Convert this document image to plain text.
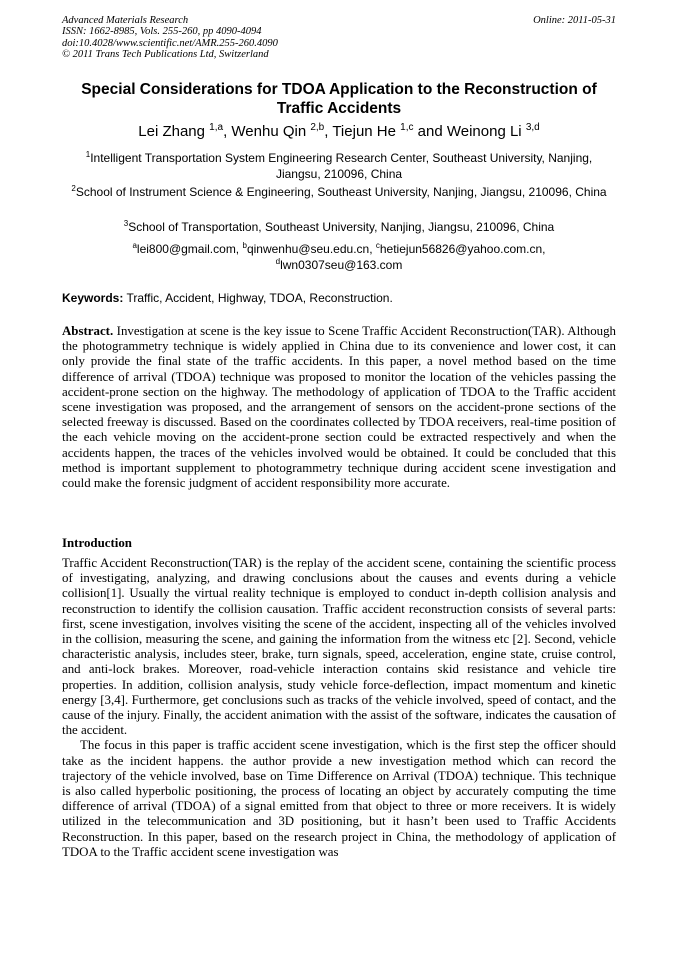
Advanced Materials Research
ISSN: 1662-8985, Vols. 255-260, pp 4090-4094
doi:10.4028/www.scientific.net/AMR.255-260.4090
© 2011 Trans Tech Publications Ltd, Switzerland
Online: 2011-05-31
Special Considerations for TDOA Application to the Reconstruction of Traffic Accidents
Lei Zhang $^{1,a}$, Wenhu Qin $^{2,b}$, Tiejun He $^{1,c}$ and Weinong Li $^{3,d}$
$^1$Intelligent Transportation System Engineering Research Center, Southeast University, Nanjing, Jiangsu, 210096, China
$^2$School of Instrument Science & Engineering, Southeast University, Nanjing, Jiangsu, 210096, China
$^3$School of Transportation, Southeast University, Nanjing, Jiangsu, 210096, China
$^a$lei800@gmail.com, $^b$qinwenhu@seu.edu.cn, $^c$hetiejun56826@yahoo.com.cn,
$^d$lwn0307seu@163.com
Keywords: Traffic, Accident, Highway, TDOA, Reconstruction.
Abstract. Investigation at scene is the key issue to Scene Traffic Accident Reconstruction(TAR). Although the photogrammetry technique is widely applied in China due to its convenience and lower cost, it can only provide the final state of the traffic accidents. In this paper, a novel method based on the time difference of arrival (TDOA) technique was proposed to monitor the location of the vehicles passing the accident-prone section on the highway. The methodology of application of TDOA to the Traffic accident scene investigation was proposed, and the arrangement of sensors on the accident-prone sections of the selected freeway is discussed. Based on the coordinates collected by TDOA receivers, real-time position of the each vehicle moving on the accident-prone section could be extracted respectively and when the accidents happen, the traces of the vehicles involved would be obtained. It could be concluded that this method is important supplement to photogrammetry technique during accident scene investigation and could make the forensic judgment of accident responsibility more accurate.
Introduction

Traffic Accident Reconstruction(TAR) is the replay of the accident scene, containing the scientific process of investigating, analyzing, and drawing conclusions about the causes and events during a vehicle collision[1]. Usually the virtual reality technique is employed to conduct in-depth collision analysis and reconstruction to identify the collision causation. Traffic accident reconstruction consists of several parts: first, scene investigation, involves visiting the scene of the accident, inspecting all of the vehicles involved in the collision, measuring the scene, and gaining the information from the witness etc [2]. Second, vehicle characteristic analysis, includes steer, brake, turn signals, speed, acceleration, engine state, cruise control, and anti-lock brakes. Moreover, road-vehicle interaction contains skid resistance and vehicle tire properties. In addition, collision analysis, study vehicle force-deflection, impact momentum and kinetic energy [3,4]. Furthermore, get conclusions such as tracks of the vehicle involved, speed of contact, and the cause of the injury. Finally, the accident animation with the assist of the software, indicates the causation of the accident.

The focus in this paper is traffic accident scene investigation, which is the first step the officer should take as the incident happens. the author provide a new investigation method which can record the trajectory of the vehicle involved, base on Time Difference on Arrival (TDOA) technique. This technique is also called hyperbolic positioning, the process of locating an object by accurately computing the time difference of arrival (TDOA) of a signal emitted from that object to three or more receivers. It is widely utilized in the telecommunication and 3D positioning, but it hasn’t been used to Traffic Accidents Reconstruction. In this paper, based on the research project in China, the methodology of application of TDOA to the Traffic accident scene investigation was
